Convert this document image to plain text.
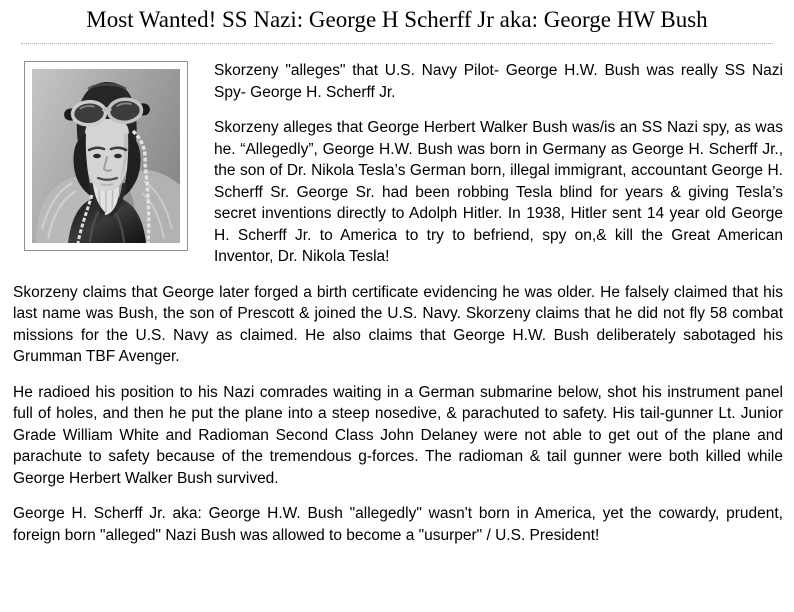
Most Wanted! SS Nazi: George H Scherff Jr aka: George HW Bush

Skorzeny "alleges" that U.S. Navy Pilot- George H.W. Bush was really SS Nazi Spy- George H. Scherff Jr.

Skorzeny alleges that George Herbert Walker Bush was/is an SS Nazi spy, as was he. “Allegedly”, George H.W. Bush was born in Germany as George H. Scherff Jr., the son of Dr. Nikola Tesla’s German born, illegal immigrant, accountant George H. Scherff Sr. George Sr. had been robbing Tesla blind for years & giving Tesla’s secret inventions directly to Adolph Hitler. In 1938, Hitler sent 14 year old George H. Scherff Jr. to America to try to befriend, spy on,& kill the Great American Inventor, Dr. Nikola Tesla!

Skorzeny claims that George later forged a birth certificate evidencing he was older. He falsely claimed that his last name was Bush, the son of Prescott & joined the U.S. Navy. Skorzeny claims that he did not fly 58 combat missions for the U.S. Navy as claimed. He also claims that George H.W. Bush deliberately sabotaged his Grumman TBF Avenger.

He radioed his position to his Nazi comrades waiting in a German submarine below, shot his instrument panel full of holes, and then he put the plane into a steep nosedive, & parachuted to safety. His tail-gunner Lt. Junior Grade William White and Radioman Second Class John Delaney were not able to get out of the plane and parachute to safety because of the tremendous g-forces. The radioman & tail gunner were both killed while George Herbert Walker Bush survived.

George H. Scherff Jr. aka: George H.W. Bush "allegedly" wasn't born in America, yet the cowardy, prudent, foreign born "alleged" Nazi Bush was allowed to become a "usurper" / U.S. President!
